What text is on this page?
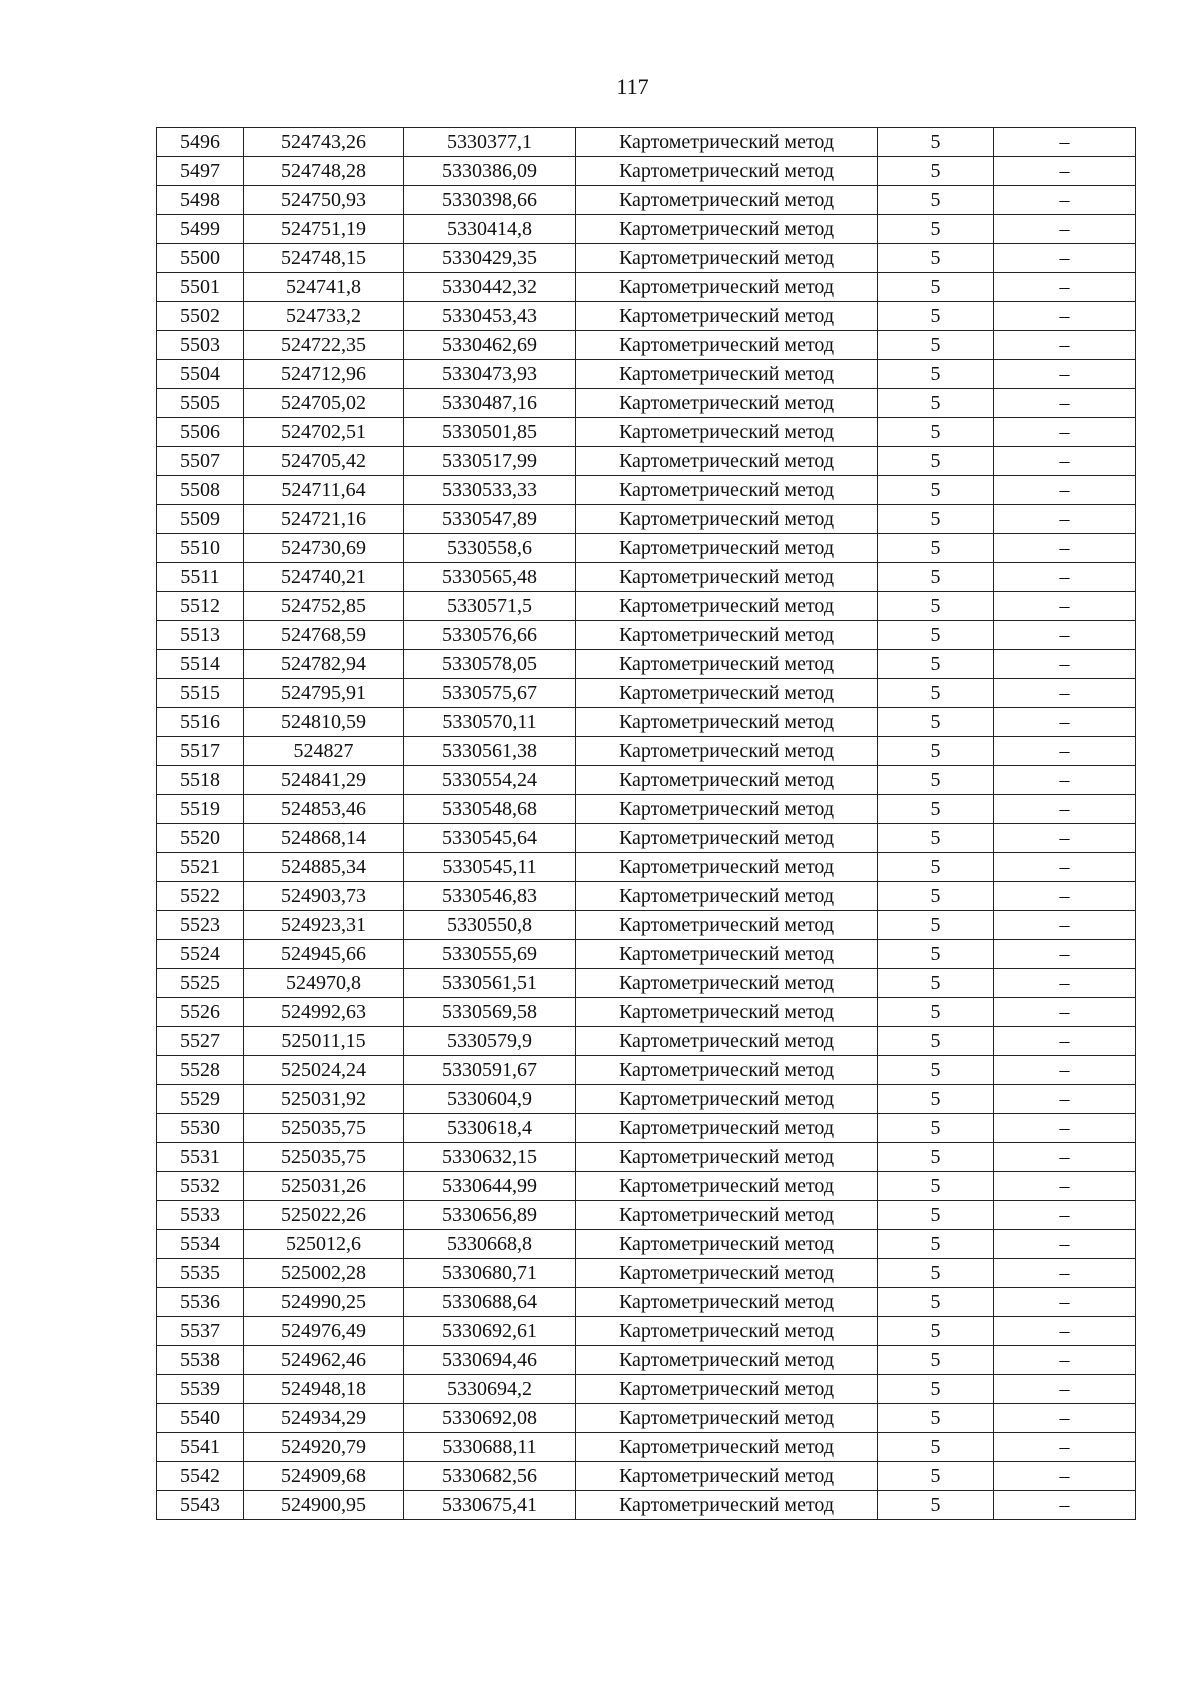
117
5496	524743,26	5330377,1	Картометрический метод	5	–
5497	524748,28	5330386,09	Картометрический метод	5	–
5498	524750,93	5330398,66	Картометрический метод	5	–
5499	524751,19	5330414,8	Картометрический метод	5	–
5500	524748,15	5330429,35	Картометрический метод	5	–
5501	524741,8	5330442,32	Картометрический метод	5	–
5502	524733,2	5330453,43	Картометрический метод	5	–
5503	524722,35	5330462,69	Картометрический метод	5	–
5504	524712,96	5330473,93	Картометрический метод	5	–
5505	524705,02	5330487,16	Картометрический метод	5	–
5506	524702,51	5330501,85	Картометрический метод	5	–
5507	524705,42	5330517,99	Картометрический метод	5	–
5508	524711,64	5330533,33	Картометрический метод	5	–
5509	524721,16	5330547,89	Картометрический метод	5	–
5510	524730,69	5330558,6	Картометрический метод	5	–
5511	524740,21	5330565,48	Картометрический метод	5	–
5512	524752,85	5330571,5	Картометрический метод	5	–
5513	524768,59	5330576,66	Картометрический метод	5	–
5514	524782,94	5330578,05	Картометрический метод	5	–
5515	524795,91	5330575,67	Картометрический метод	5	–
5516	524810,59	5330570,11	Картометрический метод	5	–
5517	524827	5330561,38	Картометрический метод	5	–
5518	524841,29	5330554,24	Картометрический метод	5	–
5519	524853,46	5330548,68	Картометрический метод	5	–
5520	524868,14	5330545,64	Картометрический метод	5	–
5521	524885,34	5330545,11	Картометрический метод	5	–
5522	524903,73	5330546,83	Картометрический метод	5	–
5523	524923,31	5330550,8	Картометрический метод	5	–
5524	524945,66	5330555,69	Картометрический метод	5	–
5525	524970,8	5330561,51	Картометрический метод	5	–
5526	524992,63	5330569,58	Картометрический метод	5	–
5527	525011,15	5330579,9	Картометрический метод	5	–
5528	525024,24	5330591,67	Картометрический метод	5	–
5529	525031,92	5330604,9	Картометрический метод	5	–
5530	525035,75	5330618,4	Картометрический метод	5	–
5531	525035,75	5330632,15	Картометрический метод	5	–
5532	525031,26	5330644,99	Картометрический метод	5	–
5533	525022,26	5330656,89	Картометрический метод	5	–
5534	525012,6	5330668,8	Картометрический метод	5	–
5535	525002,28	5330680,71	Картометрический метод	5	–
5536	524990,25	5330688,64	Картометрический метод	5	–
5537	524976,49	5330692,61	Картометрический метод	5	–
5538	524962,46	5330694,46	Картометрический метод	5	–
5539	524948,18	5330694,2	Картометрический метод	5	–
5540	524934,29	5330692,08	Картометрический метод	5	–
5541	524920,79	5330688,11	Картометрический метод	5	–
5542	524909,68	5330682,56	Картометрический метод	5	–
5543	524900,95	5330675,41	Картометрический метод	5	–
